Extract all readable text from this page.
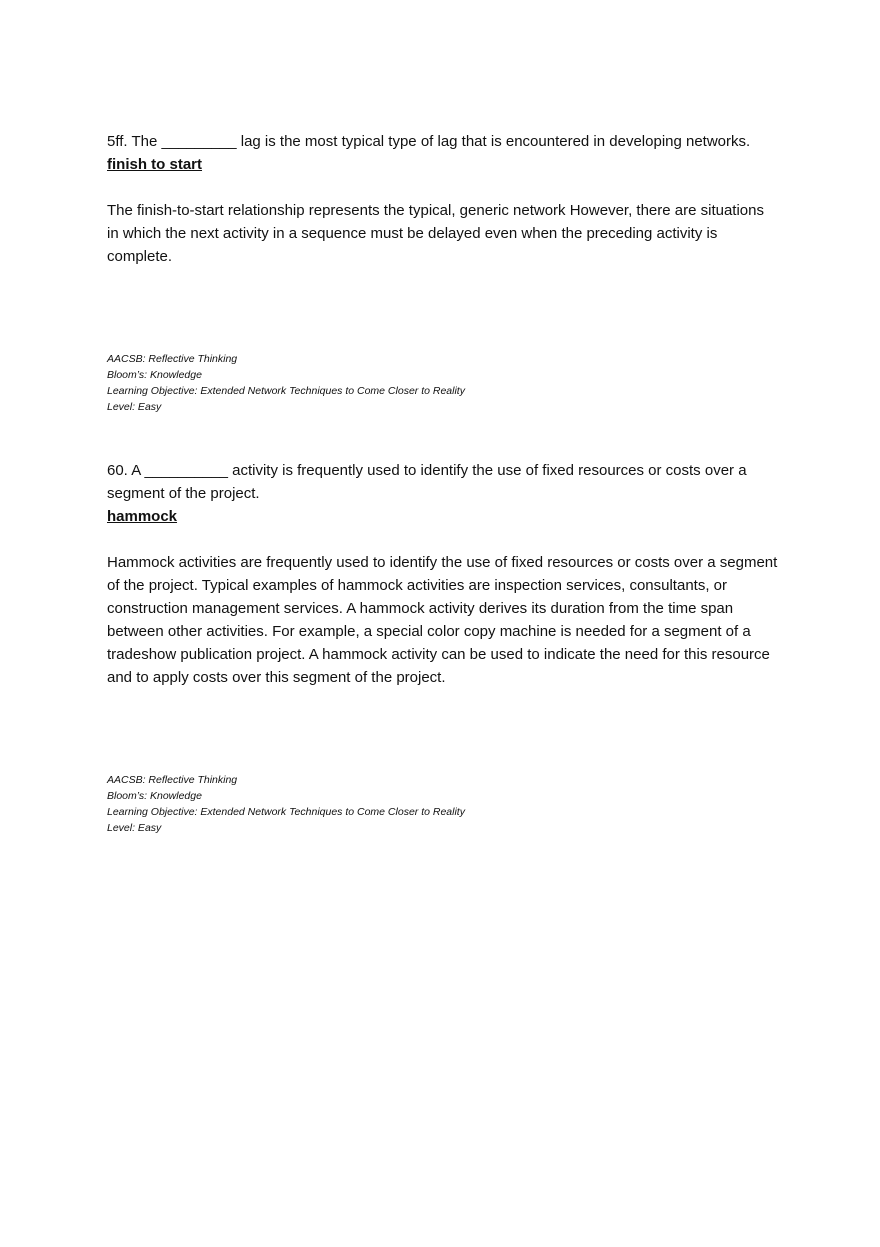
5ff. The _________ lag is the most typical type of lag that is encountered in developing networks.

finish to start

The finish-to-start relationship represents the typical, generic network However, there are situations in which the next activity in a sequence must be delayed even when the preceding activity is complete.

AACSB: Reflective Thinking

Bloom’s: Knowledge

Learning Objective: Extended Network Techniques to Come Closer to Reality

Level: Easy

60. A __________ activity is frequently used to identify the use of fixed resources or costs over a segment of the project.

hammock

Hammock activities are frequently used to identify the use of fixed resources or costs over a segment of the project. Typical examples of hammock activities are inspection services, consultants, or construction management services. A hammock activity derives its duration from the time span between other activities. For example, a special color copy machine is needed for a segment of a tradeshow publication project. A hammock activity can be used to indicate the need for this resource and to apply costs over this segment of the project.

AACSB: Reflective Thinking

Bloom’s: Knowledge

Learning Objective: Extended Network Techniques to Come Closer to Reality

Level: Easy
